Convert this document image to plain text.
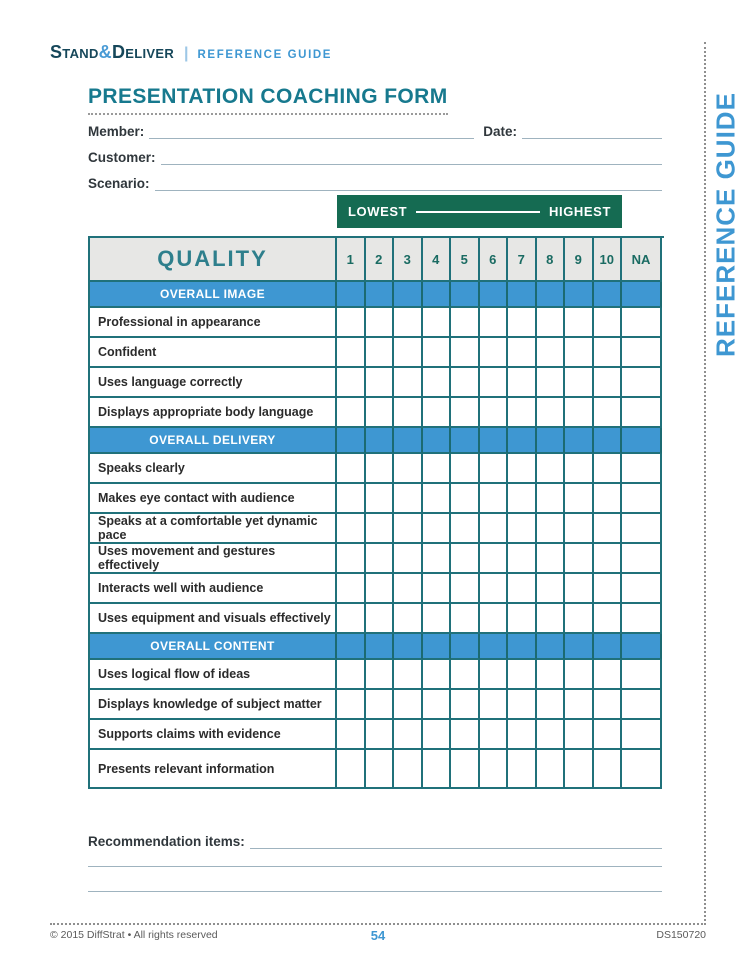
Stand&Deliver | REFERENCE GUIDE
REFERENCE GUIDE
PRESENTATION COACHING FORM
Member:	Date:
Customer:
Scenario:
LOWEST	HIGHEST
QUALITY	1	2	3	4	5	6	7	8	9	10	NA
OVERALL IMAGE
Professional in appearance
Confident
Uses language correctly
Displays appropriate body language
OVERALL DELIVERY
Speaks clearly
Makes eye contact with audience
Speaks at a comfortable yet dynamic pace
Uses movement and gestures effectively
Interacts well with audience
Uses equipment and visuals effectively
OVERALL CONTENT
Uses logical flow of ideas
Displays knowledge of subject matter
Supports claims with evidence
Presents relevant information
Recommendation items:
© 2015 DiffStrat • All rights reserved	54	DS150720
